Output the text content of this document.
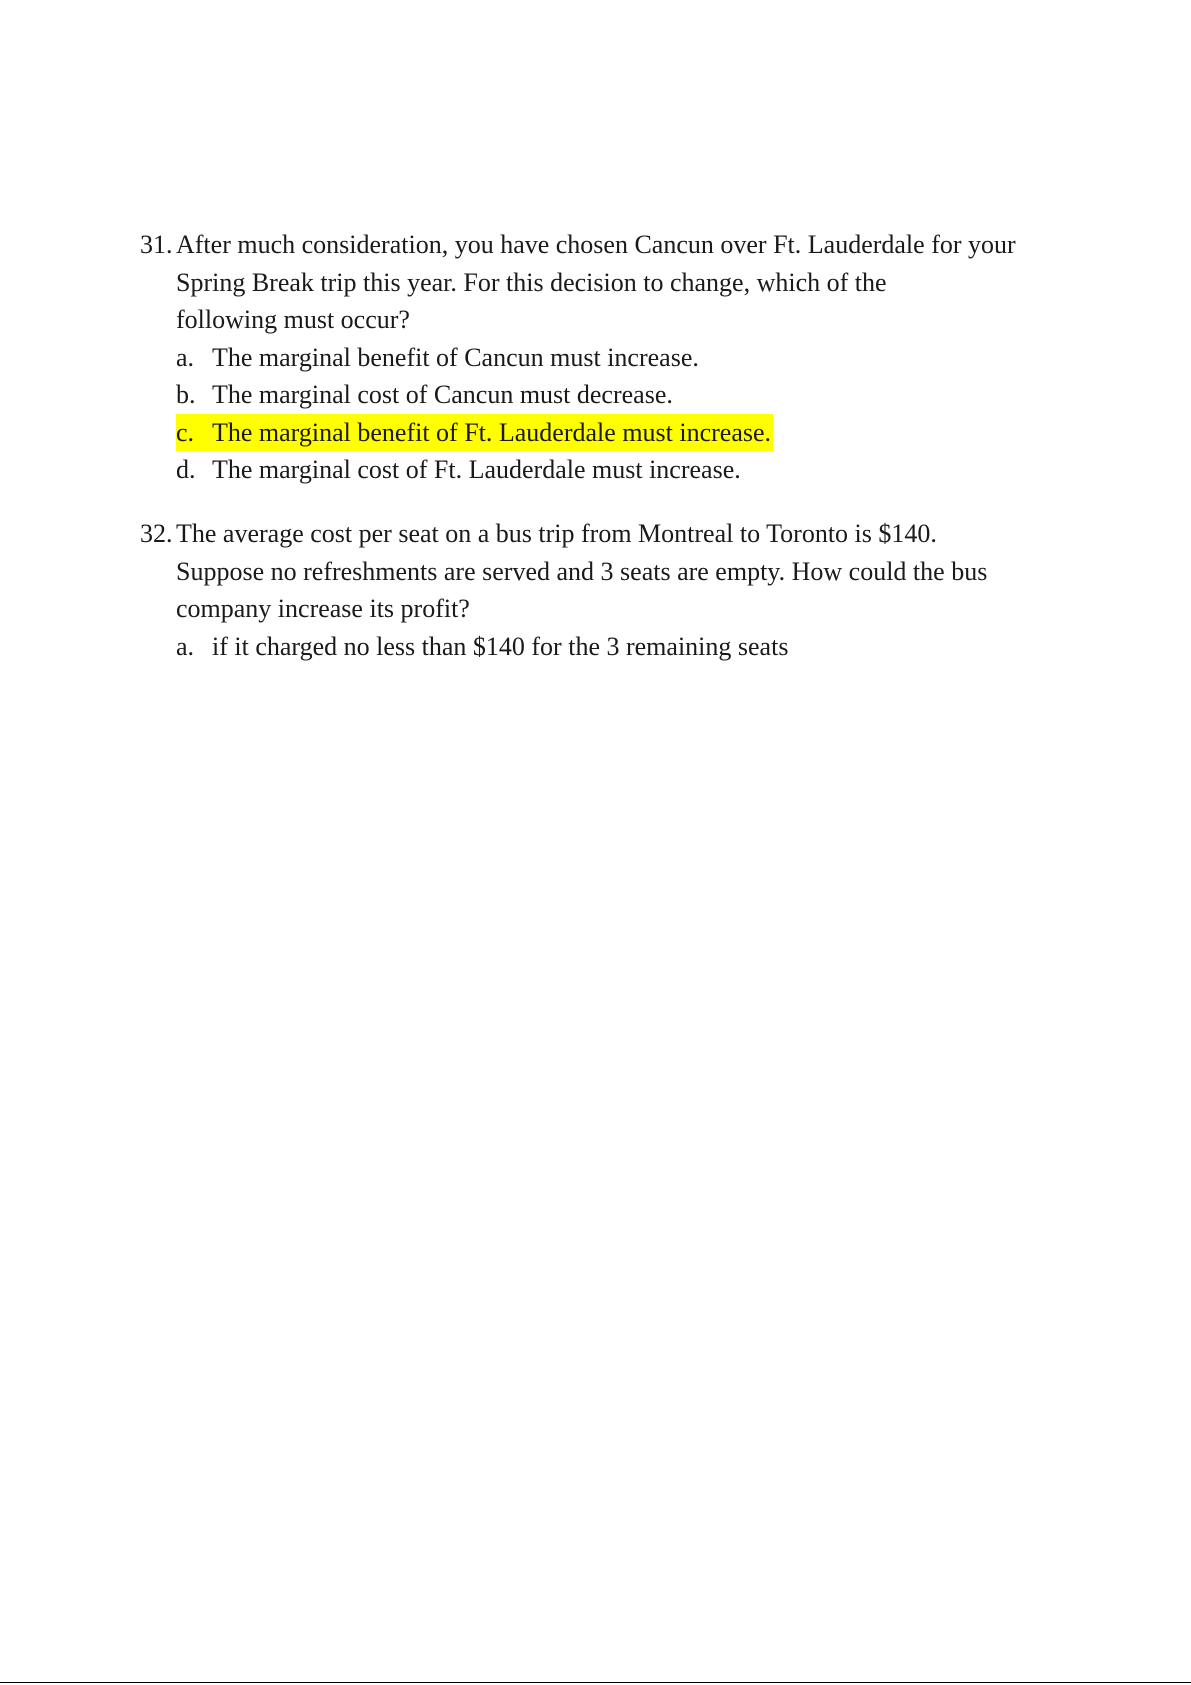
31. After much consideration, you have chosen Cancun over Ft. Lauderdale for your
Spring Break trip this year. For this decision to change, which of the
following must occur?
a. The marginal benefit of Cancun must increase.
b. The marginal cost of Cancun must decrease.
c. The marginal benefit of Ft. Lauderdale must increase.
d. The marginal cost of Ft. Lauderdale must increase.
32. The average cost per seat on a bus trip from Montreal to Toronto is $140.
Suppose no refreshments are served and 3 seats are empty. How could the bus
company increase its profit?
a. if it charged no less than $140 for the 3 remaining seats
